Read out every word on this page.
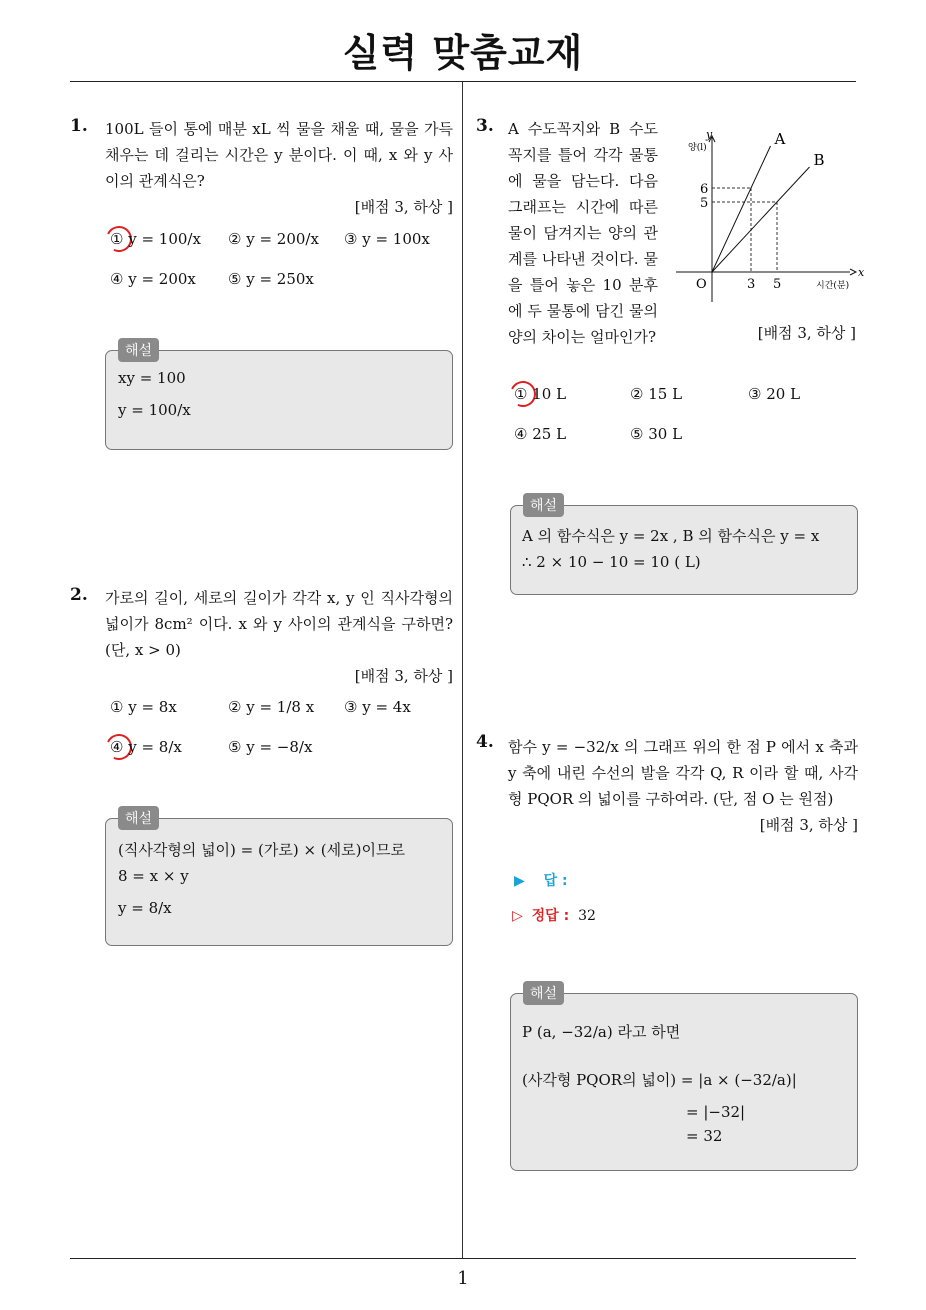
실력 맞춤교재
1. 100L 들이 통에 매분 xL 씩 물을 채울 때, 물을 가득 채우는 데 걸리는 시간은 y 분이다. 이 때, x 와 y 사이의 관계식은?
[배점 3, 하상 ]
① y = 100/x ② y = 200/x ③ y = 100x
④ y = 200x ⑤ y = 250x
해설
xy = 100
y = 100/x
2. 가로의 길이, 세로의 길이가 각각 x, y 인 직사각형의 넓이가 8cm² 이다. x 와 y 사이의 관계식을 구하면? (단, x > 0)
[배점 3, 하상 ]
① y = 8x	② y = 1/8 x ③ y = 4x
④ y = 8/x	⑤ y = −8/x
해설
(직사각형의 넓이) = (가로) × (세로)이므로
8 = x × y
y = 8/x
3. A 수도꼭지와 B 수도꼭지를 틀어 각각 물통에 물을 담는다. 다음 그래프는 시간에 따른 물이 담겨지는 양의 관계를 나타낸 것이다. 물을 틀어 놓은 10 분후에 두 물통에 담긴 물의 양의 차이는 얼마인가?	[배점 3, 하상 ]
x
y
양(l)
시간(분)
O	3 5
5
6
A
B
① 10 L	② 15 L	③ 20 L
④ 25 L	⑤ 30 L
해설
A 의 함수식은 y = 2x , B 의 함수식은 y = x
∴ 2 × 10 − 10 = 10 ( L)
4. 함수 y = −32/x 의 그래프 위의 한 점 P 에서 x 축과 y 축에 내린 수선의 발을 각각 Q, R 이라 할 때, 사각형 PQOR 의 넓이를 구하여라. (단, 점 O 는 원점)
[배점 3, 하상 ]
▶ 답 :
▷ 정답 : 32
해설
P (a, −32/a) 라고 하면
(사각형 PQOR의 넓이) = |a × (−32/a)|
= |−32|
= 32
1
